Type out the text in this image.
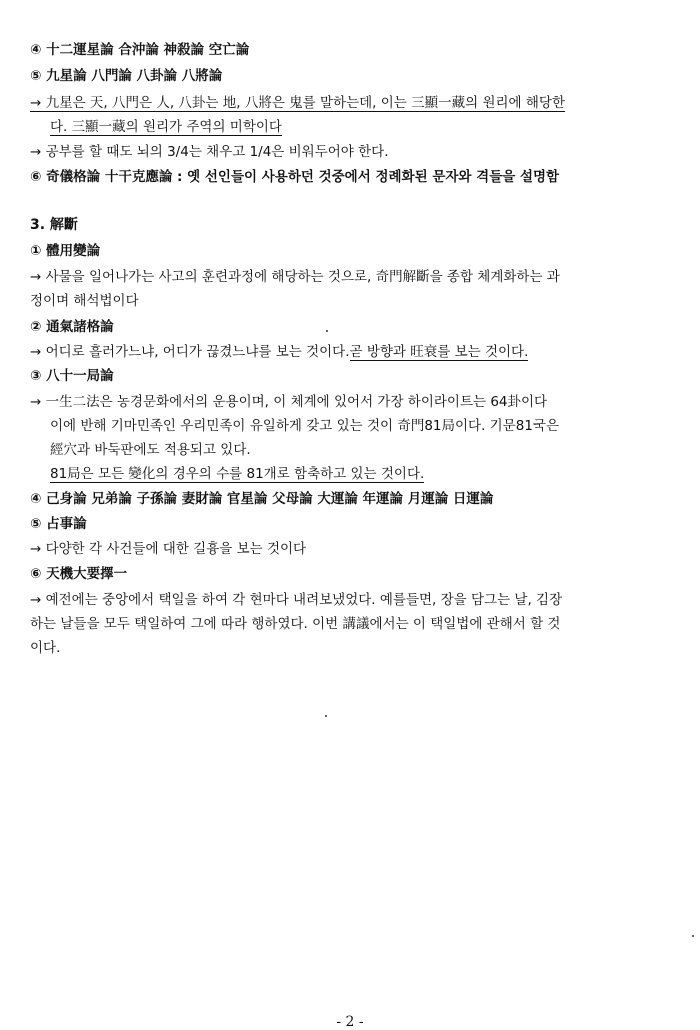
④ 十二運星論 合沖論 神殺論 空亡論
⑤ 九星論 八門論 八卦論 八將論
→ 九星은 天, 八門은 人, 八卦는 地, 八將은 鬼를 말하는데, 이는 三顯一藏의 원리에 해당한
다. 三顯一藏의 원리가 주역의 미학이다
→ 공부를 할 때도 뇌의 3/4는 채우고 1/4은 비워두어야 한다.
⑥ 奇儀格論 十干克應論 : 옛 선인들이 사용하던 것중에서 정례화된 문자와 격들을 설명함
3. 解斷
① 體用變論
→ 사물을 일어나가는 사고의 훈련과정에 해당하는 것으로, 奇門解斷을 종합 체계화하는 과
정이며 해석법이다
② 通氣諸格論
→ 어디로 흘러가느냐, 어디가 끊겼느냐를 보는 것이다.곧 방향과 旺衰를 보는 것이다.
③ 八十一局論
→ 一生二法은 농경문화에서의 운용이며, 이 체계에 있어서 가장 하이라이트는 64卦이다
이에 반해 기마민족인 우리민족이 유일하게 갖고 있는 것이 奇門81局이다. 기문81국은
經穴과 바둑판에도 적용되고 있다.
81局은 모든 變化의 경우의 수를 81개로 함축하고 있는 것이다.
④ 己身論 兄弟論 子孫論 妻財論 官星論 父母論 大運論 年運論 月運論 日運論
⑤ 占事論
→ 다양한 각 사건들에 대한 길흉을 보는 것이다
⑥ 天機大要擇一
→ 예전에는 중앙에서 택일을 하여 각 현마다 내려보냈었다. 예를들면, 장을 담그는 날, 김장
하는 날들을 모두 택일하여 그에 따라 행하였다. 이번 講議에서는 이 택일법에 관해서 할 것
이다.
- 2 -
